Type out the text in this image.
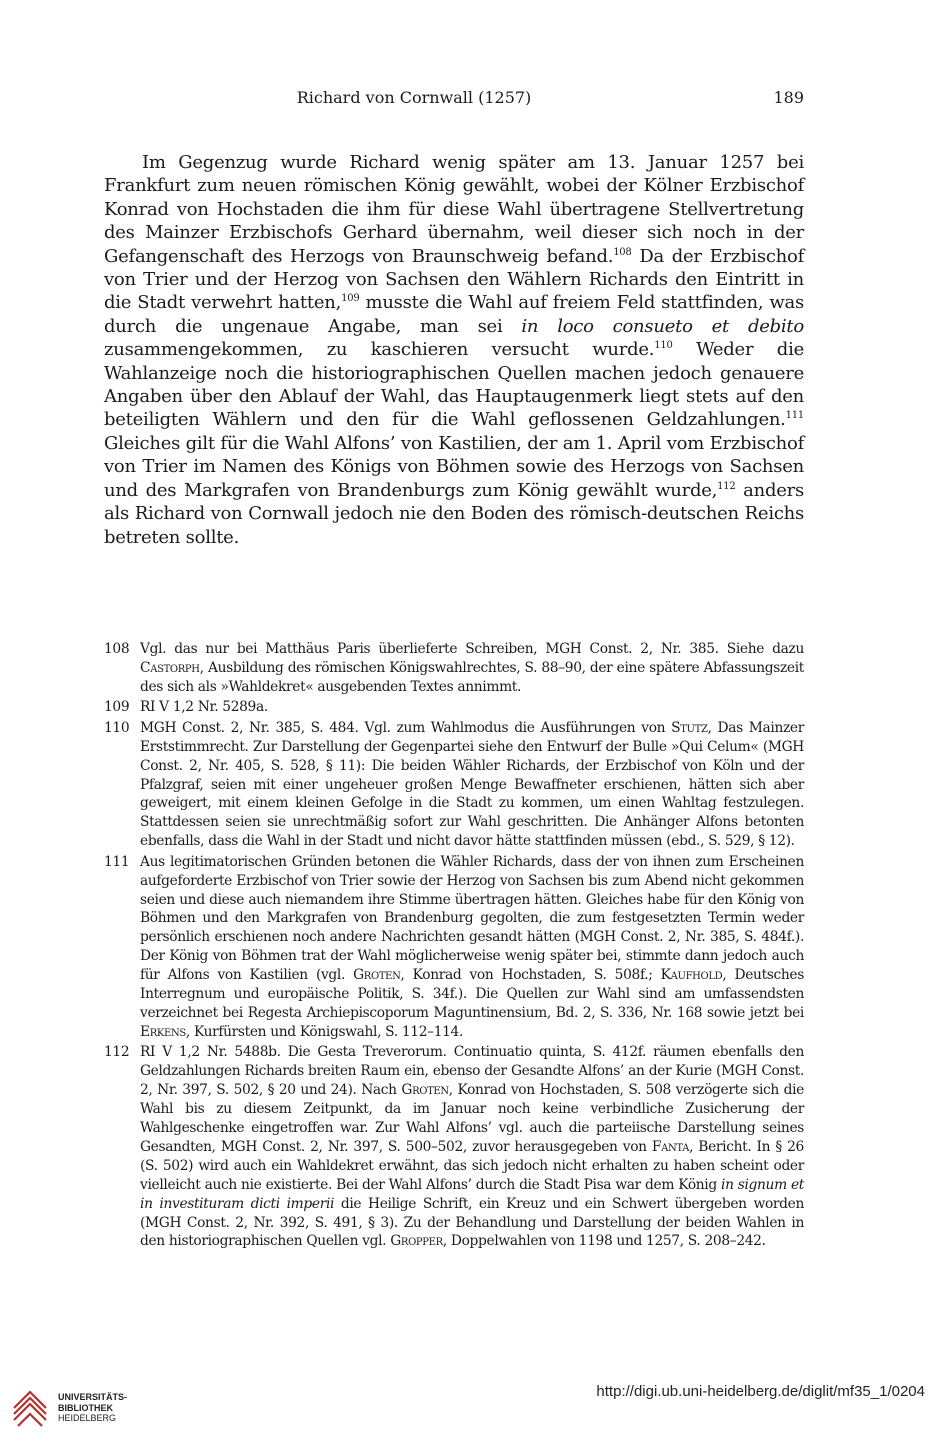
Richard von Cornwall (1257)	189

Im Gegenzug wurde Richard wenig später am 13. Januar 1257 bei Frankfurt zum neuen römischen König gewählt, wobei der Kölner Erzbischof Konrad von Hochstaden die ihm für diese Wahl übertragene Stellvertretung des Mainzer Erzbischofs Gerhard übernahm, weil dieser sich noch in der Gefangenschaft des Herzogs von Braunschweig befand.$^{108}$ Da der Erzbischof von Trier und der Herzog von Sachsen den Wählern Richards den Eintritt in die Stadt verwehrt hatten,$^{109}$ musste die Wahl auf freiem Feld stattfinden, was durch die ungenaue Angabe, man sei in loco consueto et debito zusammengekommen, zu kaschieren versucht wurde.$^{110}$ Weder die Wahlanzeige noch die historiographischen Quellen machen jedoch genauere Angaben über den Ablauf der Wahl, das Hauptaugenmerk liegt stets auf den beteiligten Wählern und den für die Wahl geflossenen Geldzahlungen.$^{111}$ Gleiches gilt für die Wahl Alfons’ von Kastilien, der am 1. April vom Erzbischof von Trier im Namen des Königs von Böhmen sowie des Herzogs von Sachsen und des Markgrafen von Brandenburgs zum König gewählt wurde,$^{112}$ anders als Richard von Cornwall jedoch nie den Boden des römisch-deutschen Reichs betreten sollte.

108 Vgl. das nur bei Matthäus Paris überlieferte Schreiben, MGH Const. 2, Nr. 385. Siehe dazu Castorph, Ausbildung des römischen Königswahlrechtes, S. 88–90, der eine spätere Abfassungszeit des sich als »Wahldekret« ausgebenden Textes annimmt.
109 RI V 1,2 Nr. 5289a.
110 MGH Const. 2, Nr. 385, S. 484. Vgl. zum Wahlmodus die Ausführungen von Stutz, Das Mainzer Erststimmrecht. Zur Darstellung der Gegenpartei siehe den Entwurf der Bulle »Qui Celum« (MGH Const. 2, Nr. 405, S. 528, § 11): Die beiden Wähler Richards, der Erzbischof von Köln und der Pfalzgraf, seien mit einer ungeheuer großen Menge Bewaffneter erschienen, hätten sich aber geweigert, mit einem kleinen Gefolge in die Stadt zu kommen, um einen Wahltag festzulegen. Stattdessen seien sie unrechtmäßig sofort zur Wahl geschritten. Die Anhänger Alfons betonten ebenfalls, dass die Wahl in der Stadt und nicht davor hätte stattfinden müssen (ebd., S. 529, § 12).
111 Aus legitimatorischen Gründen betonen die Wähler Richards, dass der von ihnen zum Erscheinen aufgeforderte Erzbischof von Trier sowie der Herzog von Sachsen bis zum Abend nicht gekommen seien und diese auch niemandem ihre Stimme übertragen hätten. Gleiches habe für den König von Böhmen und den Markgrafen von Brandenburg gegolten, die zum festgesetzten Termin weder persönlich erschienen noch andere Nachrichten gesandt hätten (MGH Const. 2, Nr. 385, S. 484f.). Der König von Böhmen trat der Wahl möglicherweise wenig später bei, stimmte dann jedoch auch für Alfons von Kastilien (vgl. Groten, Konrad von Hochstaden, S. 508f.; Kaufhold, Deutsches Interregnum und europäische Politik, S. 34f.). Die Quellen zur Wahl sind am umfassendsten verzeichnet bei Regesta Archiepiscoporum Maguntinensium, Bd. 2, S. 336, Nr. 168 sowie jetzt bei Erkens, Kurfürsten und Königswahl, S. 112–114.
112 RI V 1,2 Nr. 5488b. Die Gesta Treverorum. Continuatio quinta, S. 412f. räumen ebenfalls den Geldzahlungen Richards breiten Raum ein, ebenso der Gesandte Alfons’ an der Kurie (MGH Const. 2, Nr. 397, S. 502, § 20 und 24). Nach Groten, Konrad von Hochstaden, S. 508 verzögerte sich die Wahl bis zu diesem Zeitpunkt, da im Januar noch keine verbindliche Zusicherung der Wahlgeschenke eingetroffen war. Zur Wahl Alfons’ vgl. auch die parteiische Darstellung seines Gesandten, MGH Const. 2, Nr. 397, S. 500–502, zuvor herausgegeben von Fanta, Bericht. In § 26 (S. 502) wird auch ein Wahldekret erwähnt, das sich jedoch nicht erhalten zu haben scheint oder vielleicht auch nie existierte. Bei der Wahl Alfons’ durch die Stadt Pisa war dem König in signum et in investituram dicti imperii die Heilige Schrift, ein Kreuz und ein Schwert übergeben worden (MGH Const. 2, Nr. 392, S. 491, § 3). Zu der Behandlung und Darstellung der beiden Wahlen in den historiographischen Quellen vgl. Gropper, Doppelwahlen von 1198 und 1257, S. 208–242.
UNIVERSITÄTS-
BIBLIOTHEK
HEIDELBERG
http://digi.ub.uni-heidelberg.de/diglit/mf35_1/0204
